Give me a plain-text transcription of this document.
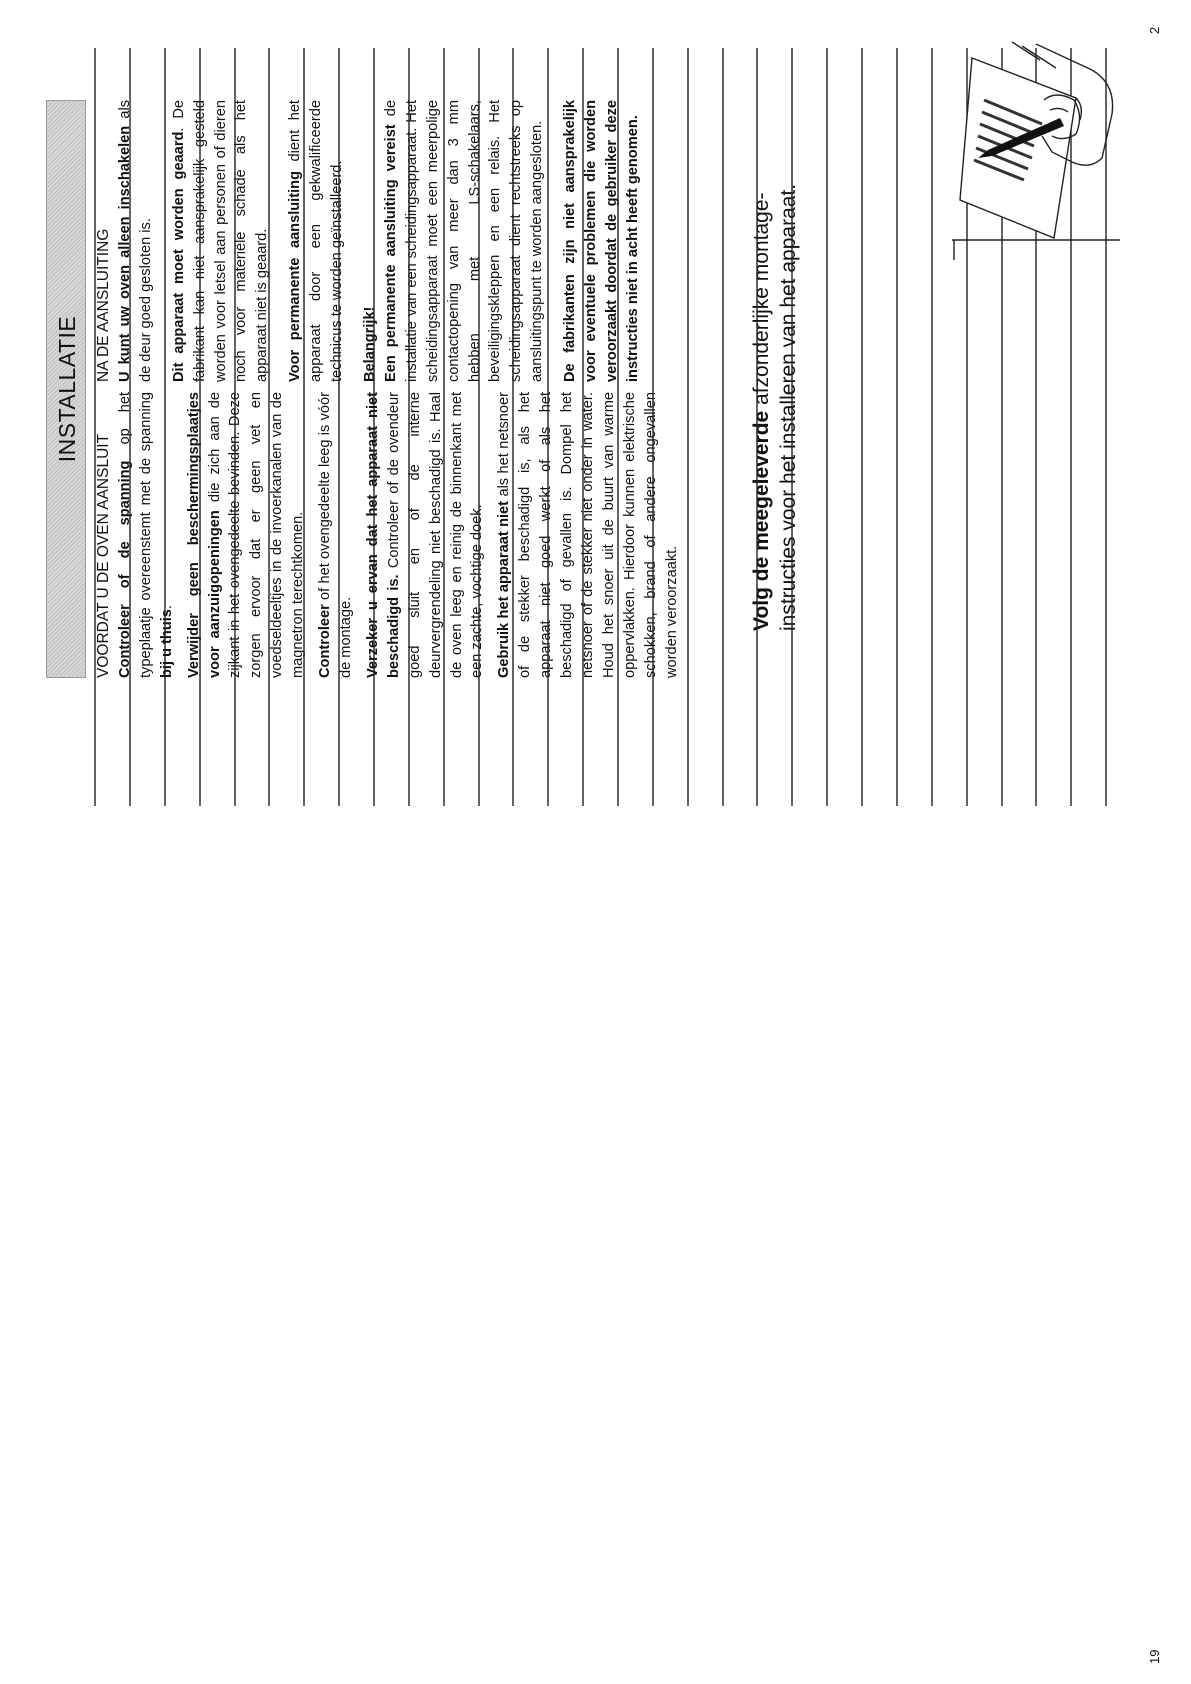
INSTALLATIE

VOORDAT U DE OVEN AANSLUIT Controleer of de spanning op het typeplaatje overeenstemt met de spanning bij u thuis. Verwijder geen beschermingsplaatjes voor aanzuigopeningen die zich aan de zijkant in het ovengedeelte bevinden. Deze zorgen ervoor dat er geen vet en voedseldeeltjes in de invoerkanalen van de magnetron terechtkomen. Controleer of het ovengedeelte leeg is vóór de montage. Verzeker u ervan dat het apparaat niet beschadigd is. Controleer of de ovendeur goed sluit en of de interne deurvergrendeling niet beschadigd is. Haal de oven leeg en reinig de binnenkant met een zachte, vochtige doek. Gebruik het apparaat niet als het netsnoer of de stekker beschadigd is, als het apparaat niet goed werkt of als het beschadigd of gevallen is. Dompel het netsnoer of de stekker niet onder in water. Houd het snoer uit de buurt van warme oppervlakken. Hierdoor kunnen elektrische schokken, brand of andere ongevallen worden veroorzaakt.

NA DE AANSLUITING U kunt uw oven alleen inschakelen als de deur goed gesloten is. Dit apparaat moet worden geaard. De fabrikant kan niet aansprakelijk gesteld worden voor letsel aan personen of dieren noch voor materiële schade als het apparaat niet is geaard. Voor permanente aansluiting dient het apparaat door een gekwalificeerde technicus te worden geïnstalleerd. Belangrijk! Een permanente aansluiting vereist de installatie van een scheidingsapparaat. Het scheidingsapparaat moet een meerpolige contactopening van meer dan 3 mm hebben met LS-schakelaars, beveiligingskleppen en een relais. Het scheidingsapparaat dient rechtstreeks op aansluitingspunt te worden aangesloten. De fabrikanten zijn niet aansprakelijk voor eventuele problemen die worden veroorzaakt doordat de gebruiker deze instructies niet in acht heeft genomen.

Volg de meegeleverde afzonderlijke montage-instructies voor het installeren van het apparaat.
19
2
